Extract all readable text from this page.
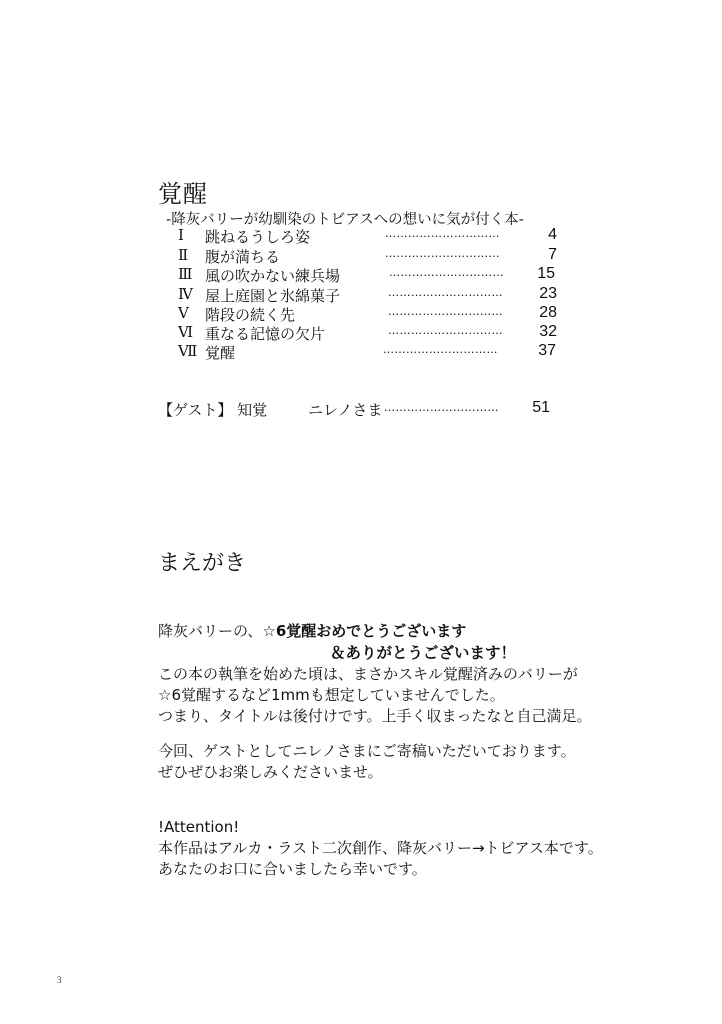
覚醒
-降灰バリーが幼馴染のトビアスへの想いに気が付く本-
Ⅰ 跳ねるうしろ姿	…………………………	4
Ⅱ 腹が満ちる	…………………………	7
Ⅲ 風の吹かない練兵場	………………………… 15
Ⅳ 屋上庭園と氷綿菓子	………………………… 23
Ⅴ 階段の続く先	………………………… 28
Ⅵ 重なる記憶の欠片	………………………… 32
Ⅶ 覚醒	…………………………	37
【ゲスト】 知覚	ニレノさま ………………………… 51
まえがき
降灰バリーの、☆6覚醒おめでとうございます
＆ありがとうございます！
この本の執筆を始めた頃は、まさかスキル覚醒済みのバリーが
☆6覚醒するなど1mmも想定していませんでした。
つまり、タイトルは後付けです。上手く収まったなと自己満足。
今回、ゲストとしてニレノさまにご寄稿いただいております。
ぜひぜひお楽しみくださいませ。
!Attention!
本作品はアルカ・ラスト二次創作、降灰バリー→トビアス本です。
あなたのお口に合いましたら幸いです。
3
